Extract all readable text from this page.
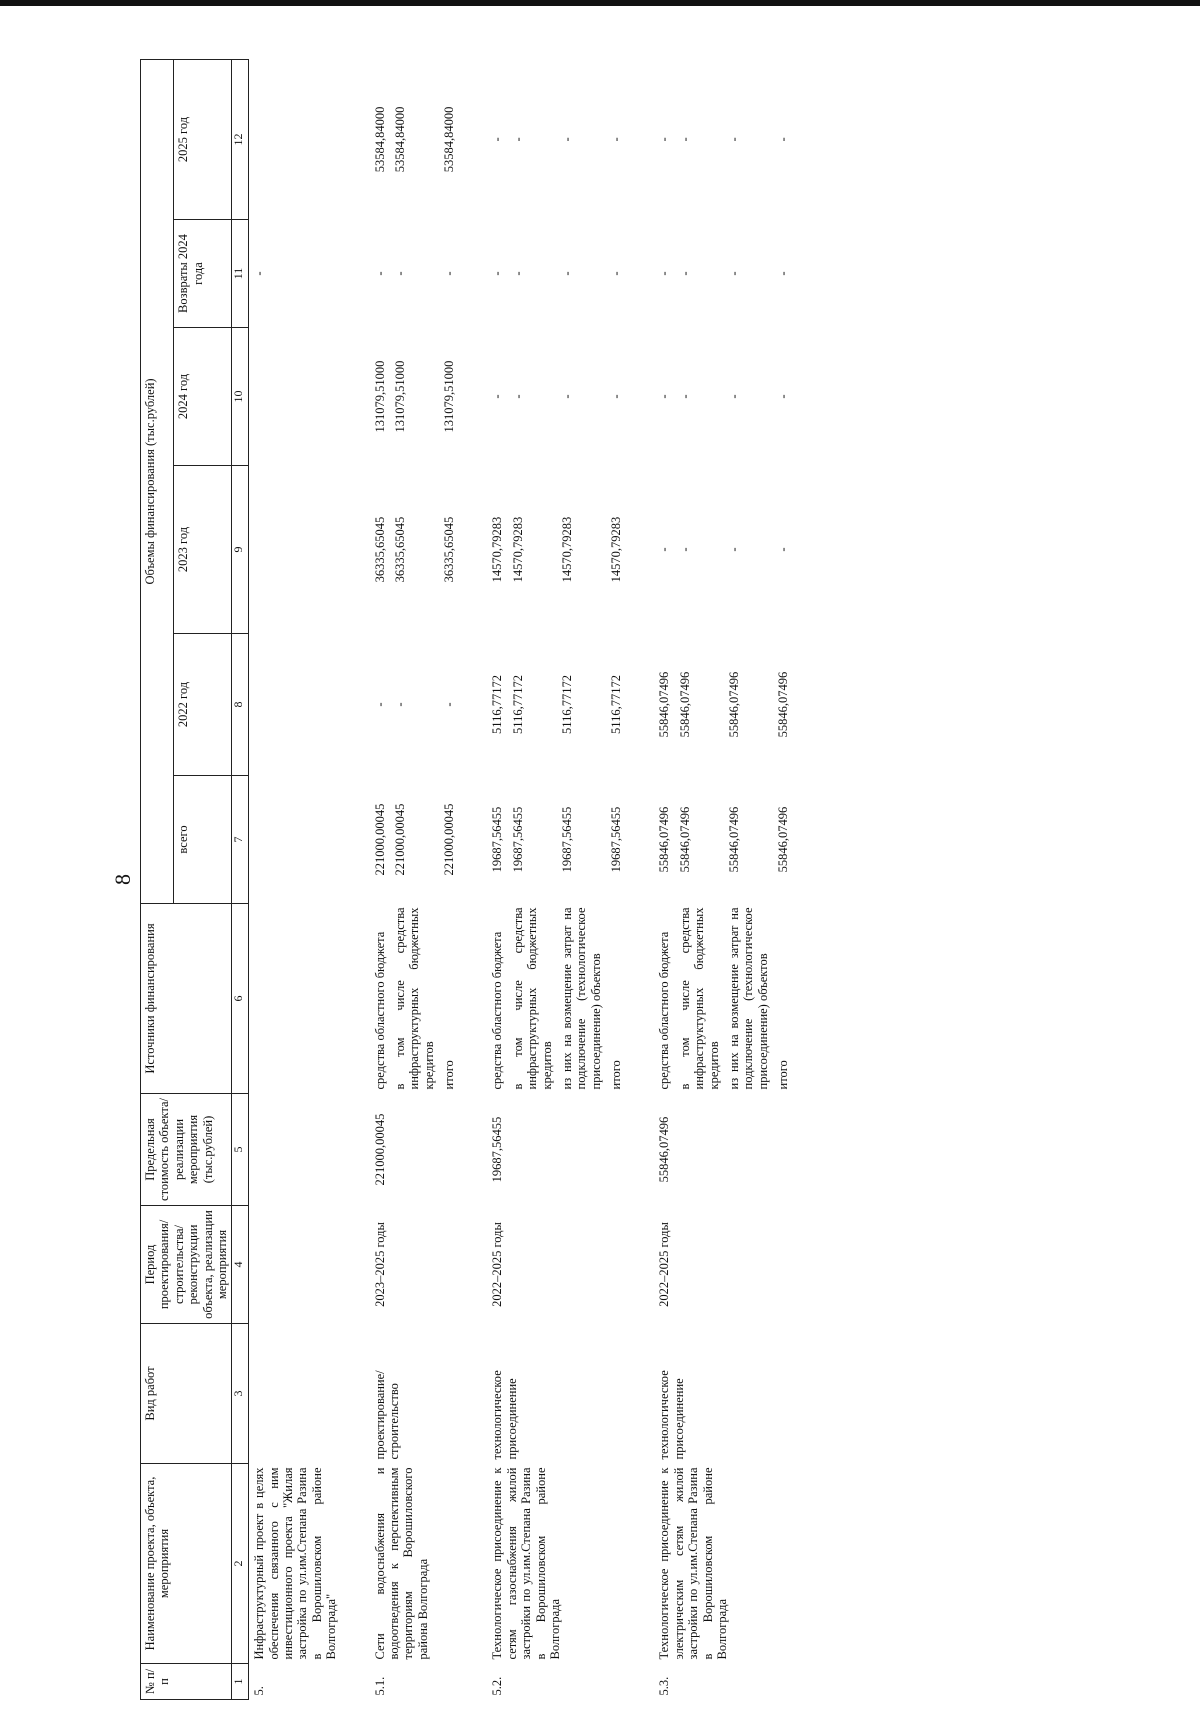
8
№ п/п	Наименование проекта, объекта, мероприятия	Вид работ	Период проектирования/ строительства/ реконструкции объекта, реализации мероприятия	Предельная стоимость объекта/ реализации мероприятия (тыс.рублей)	Источники финансирования	Объемы финансирования (тыс.рублей)					
						всего	2022 год	2023 год	2024 год	Возвраты 2024 года	2025 год
1	2	3	4	5	6	7	8	9	10	11	12
5.	Инфраструктурный проект в целях обеспечения связанного с ним инвестиционного проекта "Жилая застройка по ул.им.Степана Разина в Ворошиловском районе Волгограда"									-	

5.1.	Сети водоснабжения и водоотведения к перспективным территориям Ворошиловского района Волгограда	проектирование/ строительство	2023–2025 годы	221000,00045	средства областного бюджета	221000,00045	-	36335,65045	131079,51000	-	53584,84000
					в том числе средства инфраструктурных бюджетных кредитов	221000,00045	-	36335,65045	131079,51000	-	53584,84000
					итого	221000,00045	-	36335,65045	131079,51000	-	53584,84000

5.2.	Технологическое присоединение к сетям газоснабжения жилой застройки по ул.им.Степана Разина в Ворошиловском районе Волгограда	технологическое присоединение	2022–2025 годы	19687,56455	средства областного бюджета	19687,56455	5116,77172	14570,79283	-	-	-
					в том числе средства инфраструктурных бюджетных кредитов	19687,56455	5116,77172	14570,79283	-	-	-
					из них на возмещение затрат на подключение (технологическое присоединение) объектов	19687,56455	5116,77172	14570,79283	-	-	-
					итого	19687,56455	5116,77172	14570,79283	-	-	-

5.3.	Технологическое присоединение к электрическим сетям жилой застройки по ул.им.Степана Разина в Ворошиловском районе Волгограда	технологическое присоединение	2022–2025 годы	55846,07496	средства областного бюджета	55846,07496	55846,07496	-	-	-	-
					в том числе средства инфраструктурных бюджетных кредитов	55846,07496	55846,07496	-	-	-	-
					из них на возмещение затрат на подключение (технологическое присоединение) объектов	55846,07496	55846,07496	-	-	-	-
					итого	55846,07496	55846,07496	-	-	-	-
